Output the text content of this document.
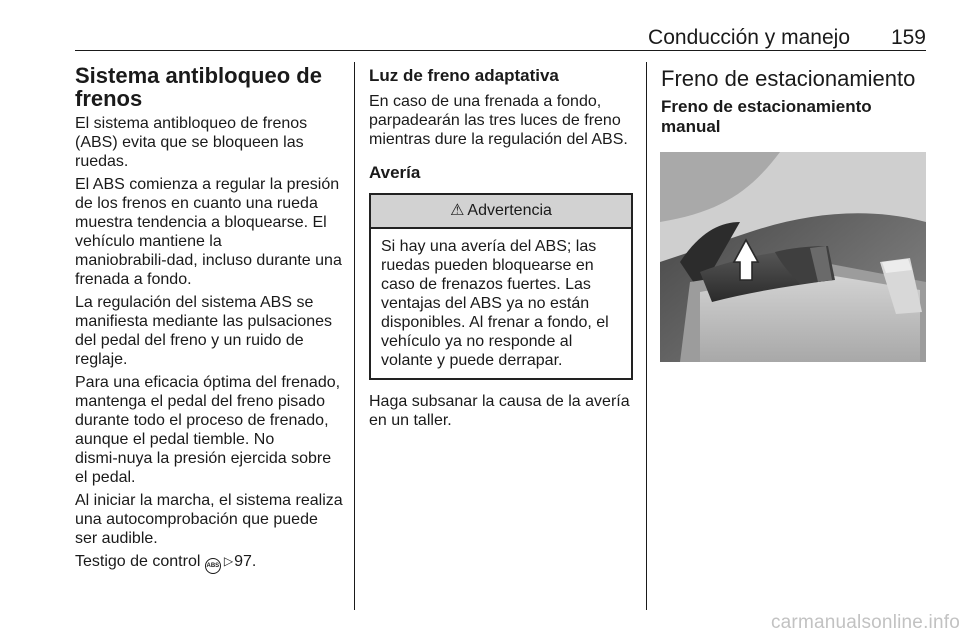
Conducción y manejo	159
Sistema antibloqueo de frenos

El sistema antibloqueo de frenos (ABS) evita que se bloqueen las ruedas.

El ABS comienza a regular la presión de los frenos en cuanto una rueda muestra tendencia a bloquearse. El vehículo mantiene la maniobrabili‑dad, incluso durante una frenada a fondo.

La regulación del sistema ABS se manifiesta mediante las pulsaciones del pedal del freno y un ruido de reglaje.

Para una eficacia óptima del frenado, mantenga el pedal del freno pisado durante todo el proceso de frenado, aunque el pedal tiemble. No dismi‑nuya la presión ejercida sobre el pedal.

Al iniciar la marcha, el sistema realiza una autocomprobación que puede ser audible.

Testigo de control ABS ▷97.

Luz de freno adaptativa

En caso de una frenada a fondo, parpadearán las tres luces de freno mientras dure la regulación del ABS.

Avería
⚠ Advertencia
Si hay una avería del ABS; las ruedas pueden bloquearse en caso de frenazos fuertes. Las ventajas del ABS ya no están disponibles. Al frenar a fondo, el vehículo ya no responde al volante y puede derrapar.

Haga subsanar la causa de la avería en un taller.

Freno de estacionamiento
Freno de estacionamiento manual
carmanualsonline.info
